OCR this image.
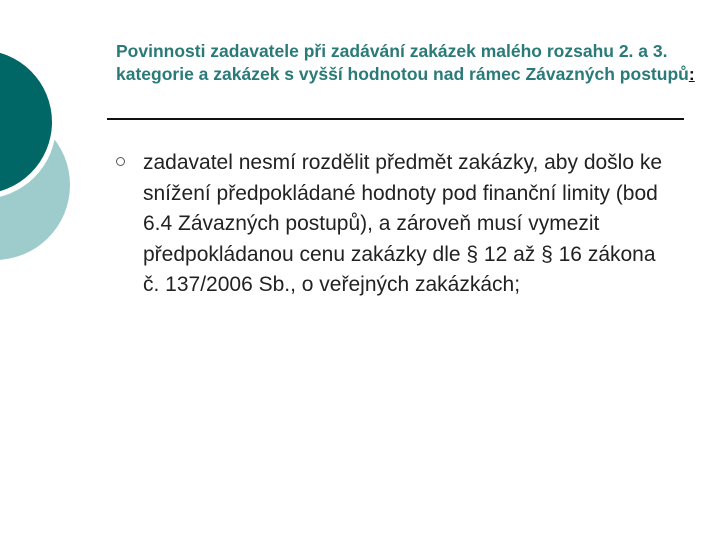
Povinnosti zadavatele při zadávání zakázek malého rozsahu 2. a 3. kategorie a zakázek s vyšší hodnotou nad rámec Závazných postupů:
zadavatel nesmí rozdělit předmět zakázky, aby došlo ke snížení předpokládané hodnoty pod finanční limity (bod 6.4 Závazných postupů), a zároveň musí vymezit předpokládanou cenu zakázky dle § 12 až § 16 zákona č. 137/2006 Sb., o veřejných zakázkách;
